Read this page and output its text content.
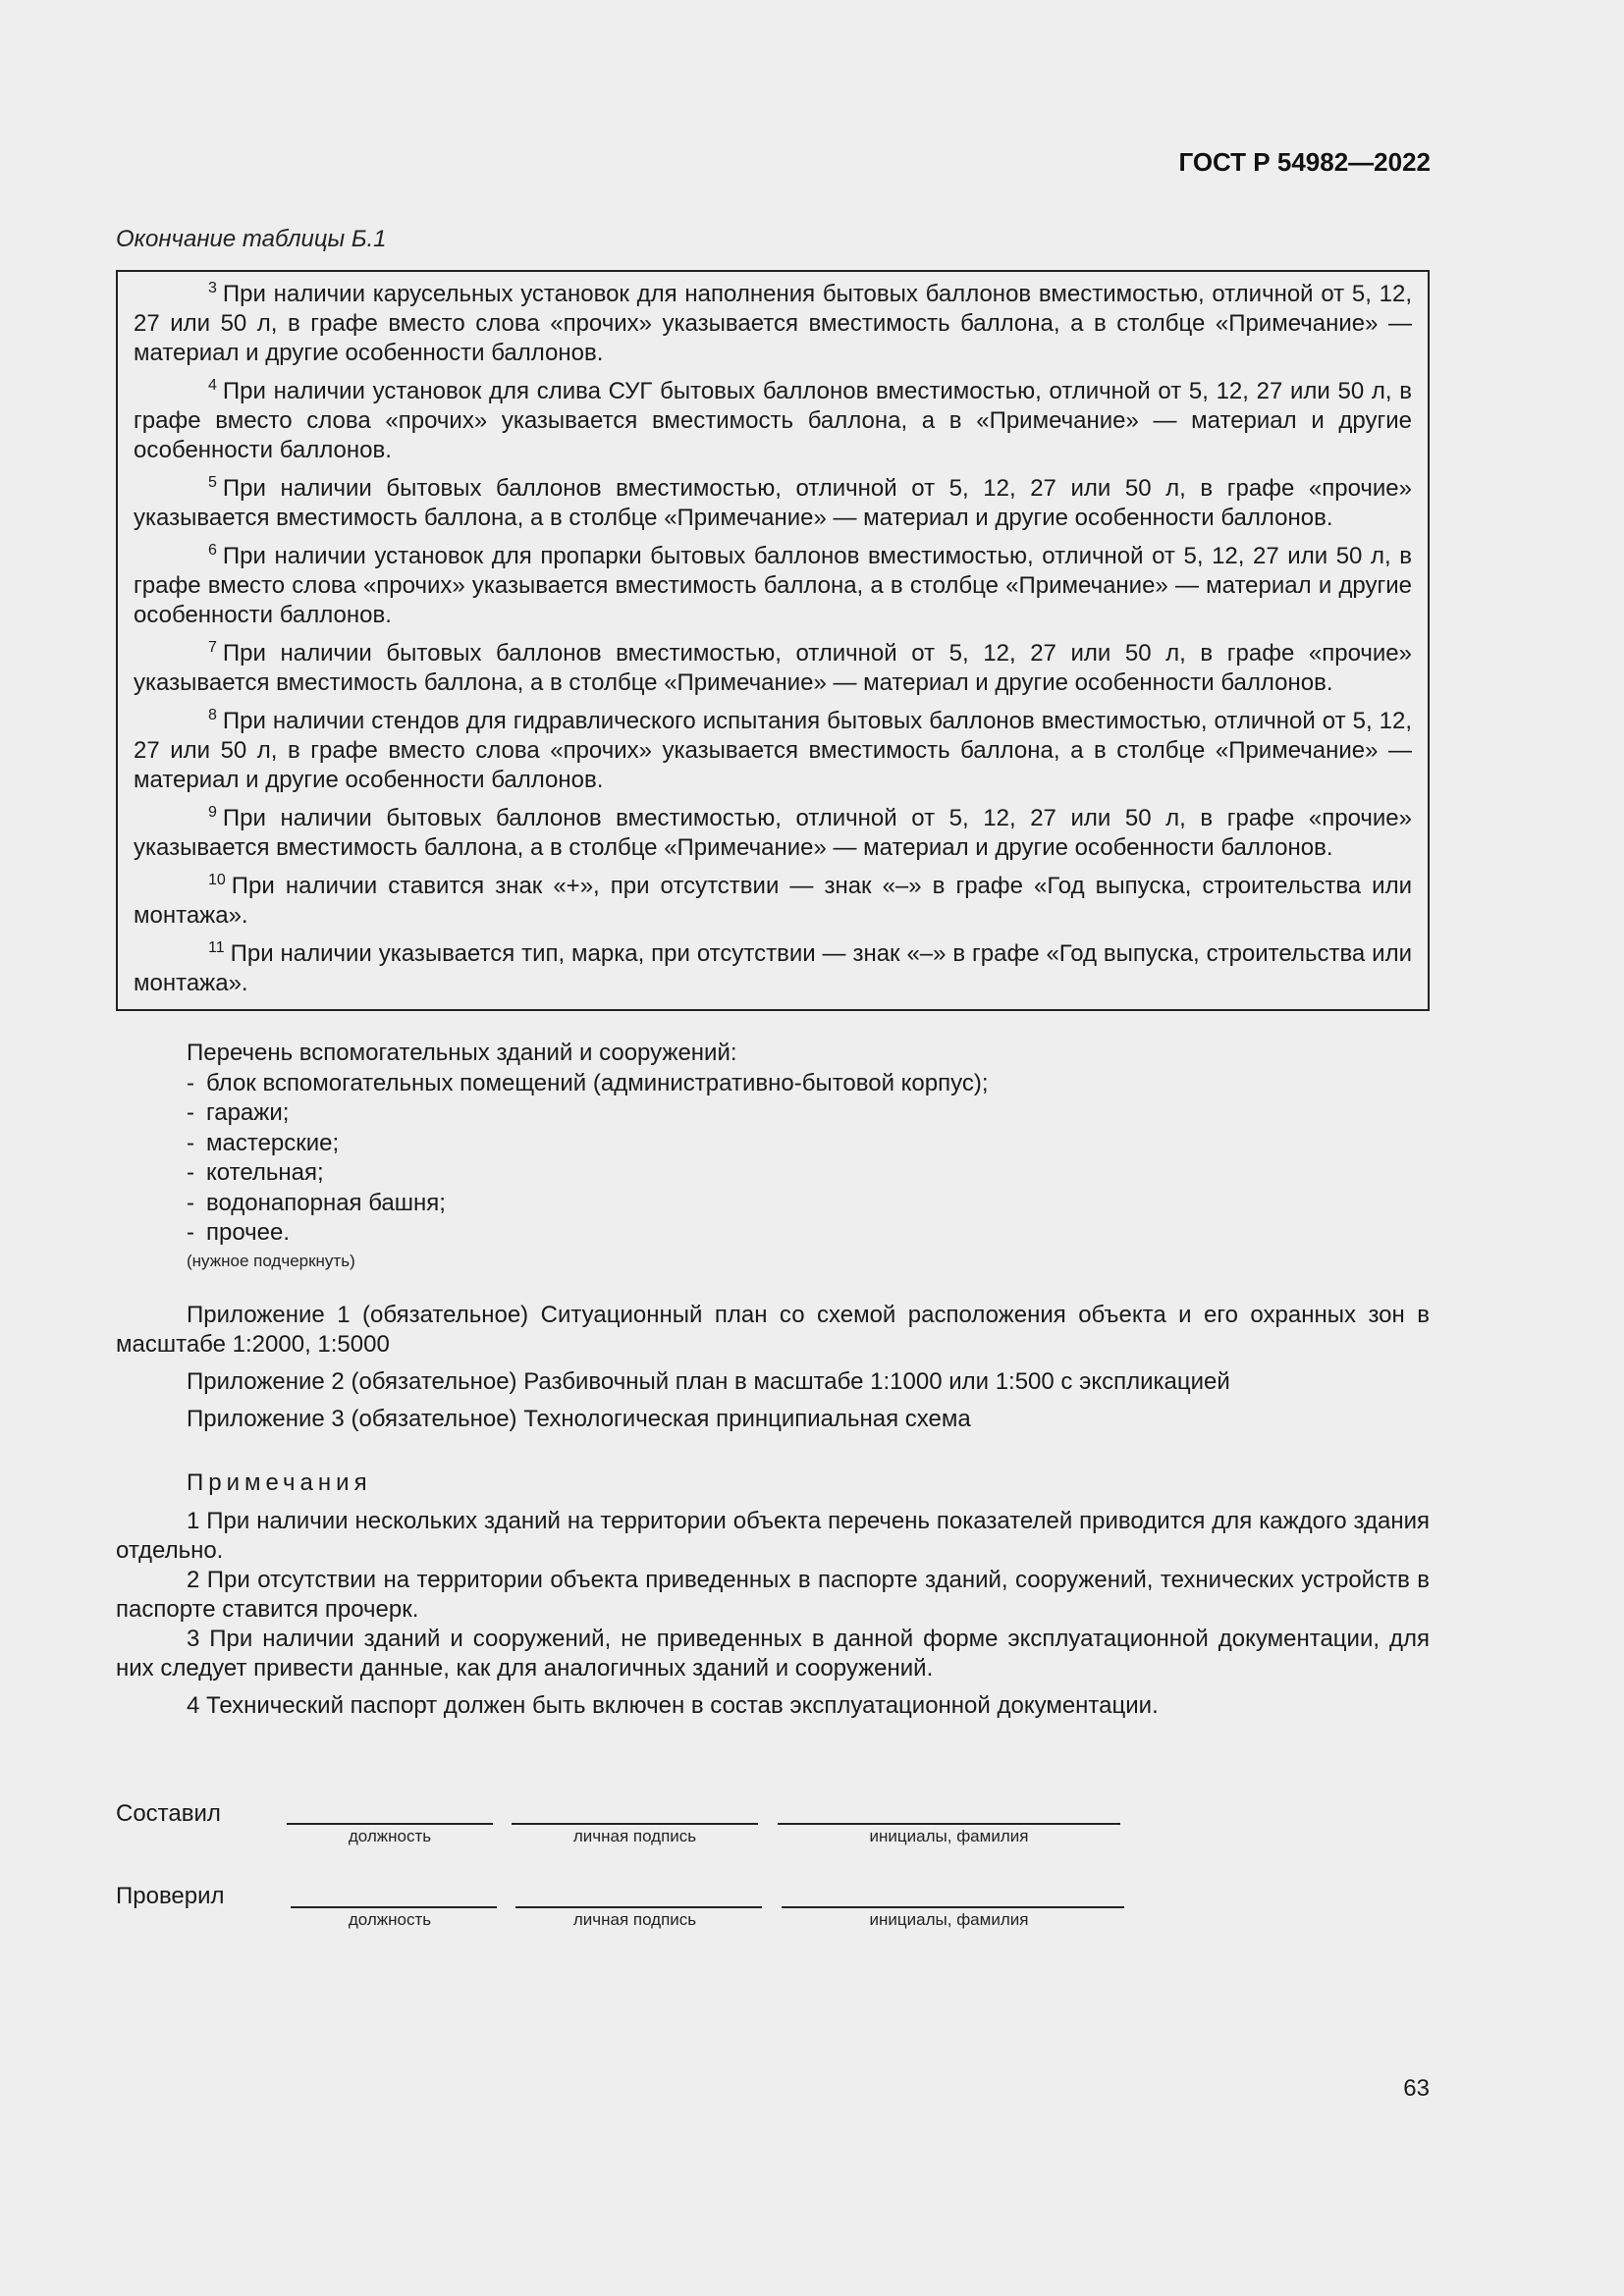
ГОСТ Р 54982—2022
Окончание таблицы Б.1
$^3$ При наличии карусельных установок для наполнения бытовых баллонов вместимостью, отличной от 5, 12, 27 или 50 л, в графе вместо слова «прочих» указывается вместимость баллона, а в столбце «Примечание» — материал и другие особенности баллонов.
$^4$ При наличии установок для слива СУГ бытовых баллонов вместимостью, отличной от 5, 12, 27 или 50 л, в графе вместо слова «прочих» указывается вместимость баллона, а в «Примечание» — материал и другие особенности баллонов.
$^5$ При наличии бытовых баллонов вместимостью, отличной от 5, 12, 27 или 50 л, в графе «прочие» указывается вместимость баллона, а в столбце «Примечание» — материал и другие особенности баллонов.
$^6$ При наличии установок для пропарки бытовых баллонов вместимостью, отличной от 5, 12, 27 или 50 л, в графе вместо слова «прочих» указывается вместимость баллона, а в столбце «Примечание» — материал и другие особенности баллонов.
$^7$ При наличии бытовых баллонов вместимостью, отличной от 5, 12, 27 или 50 л, в графе «прочие» указывается вместимость баллона, а в столбце «Примечание» — материал и другие особенности баллонов.
$^8$ При наличии стендов для гидравлического испытания бытовых баллонов вместимостью, отличной от 5, 12, 27 или 50 л, в графе вместо слова «прочих» указывается вместимость баллона, а в столбце «Примечание» — материал и другие особенности баллонов.
$^9$ При наличии бытовых баллонов вместимостью, отличной от 5, 12, 27 или 50 л, в графе «прочие» указывается вместимость баллона, а в столбце «Примечание» — материал и другие особенности баллонов.
$^{10}$ При наличии ставится знак «+», при отсутствии — знак «–» в графе «Год выпуска, строительства или монтажа».
$^{11}$ При наличии указывается тип, марка, при отсутствии — знак «–» в графе «Год выпуска, строительства или монтажа».
Перечень вспомогательных зданий и сооружений:
- блок вспомогательных помещений (административно-бытовой корпус);
- гаражи;
- мастерские;
- котельная;
- водонапорная башня;
- прочее.
(нужное подчеркнуть)
Приложение 1 (обязательное) Ситуационный план со схемой расположения объекта и его охранных зон в масштабе 1:2000, 1:5000
Приложение 2 (обязательное) Разбивочный план в масштабе 1:1000 или 1:500 с экспликацией
Приложение 3 (обязательное) Технологическая принципиальная схема
Примечания
1 При наличии нескольких зданий на территории объекта перечень показателей приводится для каждого здания отдельно.
2 При отсутствии на территории объекта приведенных в паспорте зданий, сооружений, технических устройств в паспорте ставится прочерк.
3 При наличии зданий и сооружений, не приведенных в данной форме эксплуатационной документации, для них следует привести данные, как для аналогичных зданий и сооружений.
4 Технический паспорт должен быть включен в состав эксплуатационной документации.
Составил
должность	личная подпись	инициалы, фамилия
Проверил
должность	личная подпись	инициалы, фамилия
63
